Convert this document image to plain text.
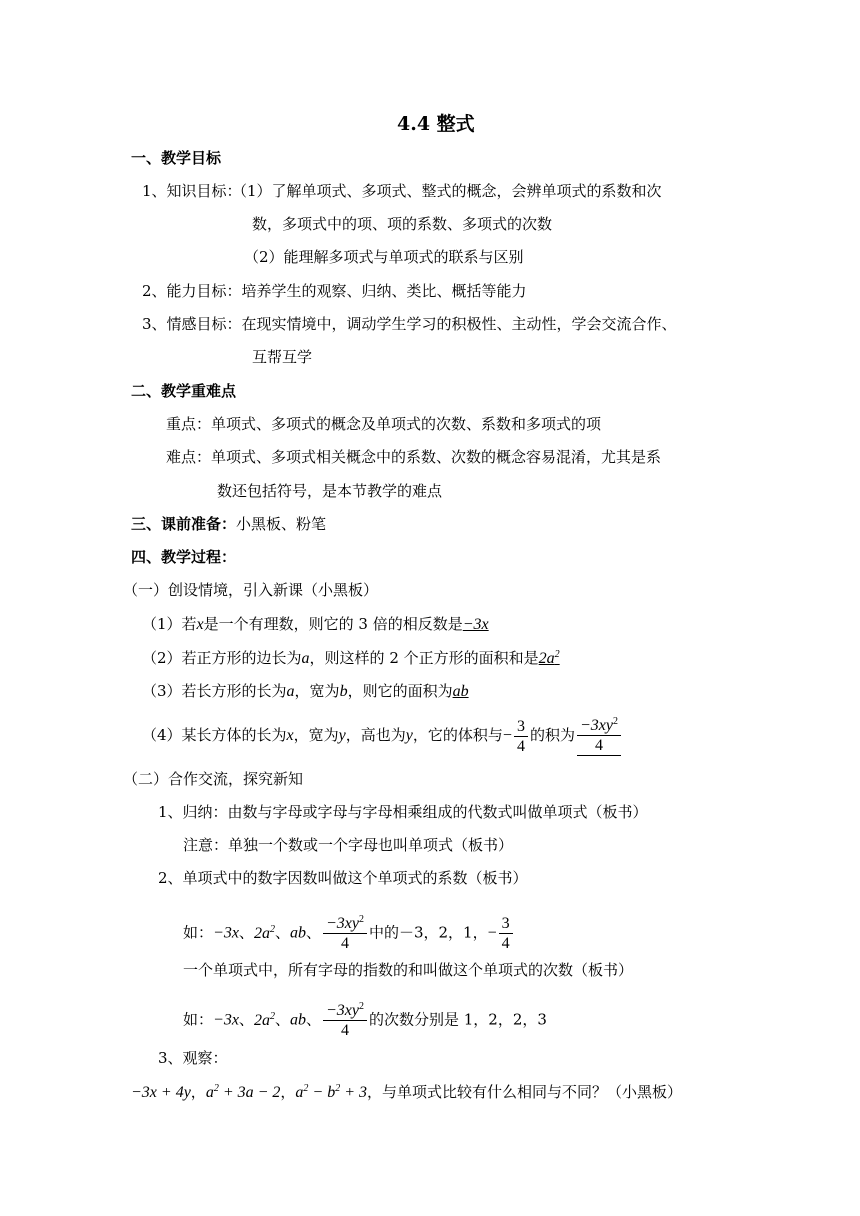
4.4 整式
一、教学目标
1、知识目标：
（1）了解单项式、多项式、整式的概念，会辨单项式的系数和次
数，多项式中的项、项的系数、多项式的次数
（2）能理解多项式与单项式的联系与区别
2、能力目标：培养学生的观察、归纳、类比、概括等能力
3、情感目标：在现实情境中，调动学生学习的积极性、主动性，学会交流合作、
互帮互学
二、教学重难点
重点：单项式、多项式的概念及单项式的次数、系数和多项式的项
难点：单项式、多项式相关概念中的系数、次数的概念容易混淆，尤其是系
数还包括符号，是本节教学的难点
三、课前准备：小黑板、粉笔
四、教学过程：
（一）创设情境，引入新课（小黑板）
（1）若x是一个有理数，则它的 3 倍的相反数是−3x
（2）若正方形的边长为a，则这样的 2 个正方形的面积和是$2a^2$
（3）若长方形的长为a，宽为b，则它的面积为ab
（4）某长方体的长为x，宽为y，高也为y，它的体积与− $\frac{3}{4}$ 的积为 $\frac{-3xy^2}{4}$
（二）合作交流，探究新知
1、归纳：由数与字母或字母与字母相乘组成的代数式叫做单项式（板书）
注意：单独一个数或一个字母也叫单项式（板书）
2、单项式中的数字因数叫做这个单项式的系数（板书）
如：−3x、$2a^2$、ab、 $\frac{-3xy^2}{4}$ 中的－3，2，1，− $\frac{3}{4}$
一个单项式中，所有字母的指数的和叫做这个单项式的次数（板书）
如：−3x、$2a^2$、ab、 $\frac{-3xy^2}{4}$ 的次数分别是 1，2，2，3
3、观察：
−3x + 4y，$a^2 + 3a - 2$，$a^2 - b^2 + 3$，与单项式比较有什么相同与不同？（小黑板）
